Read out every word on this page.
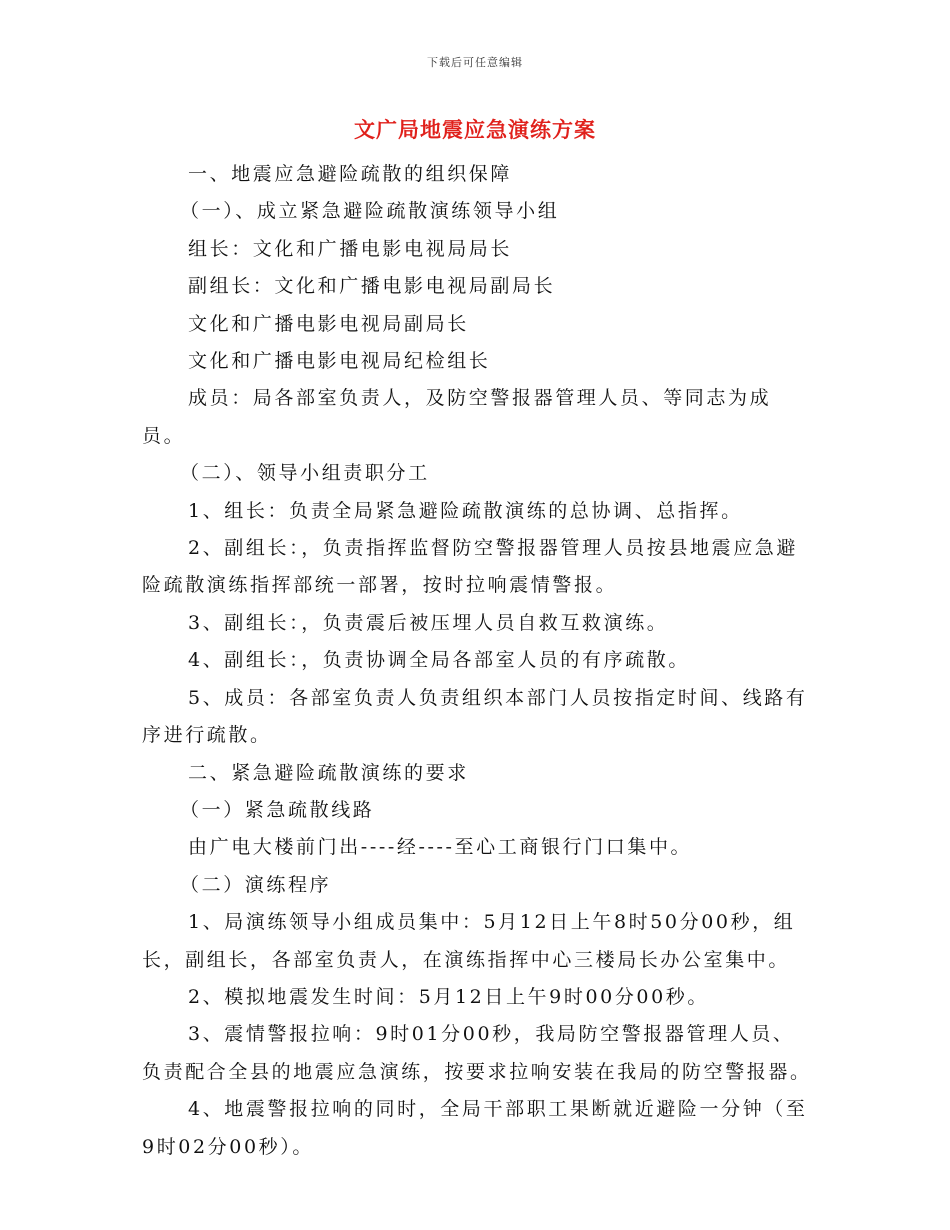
下载后可任意编辑
文广局地震应急演练方案

一、地震应急避险疏散的组织保障

（一）、成立紧急避险疏散演练领导小组

组长：文化和广播电影电视局局长

副组长：文化和广播电影电视局副局长

文化和广播电影电视局副局长

文化和广播电影电视局纪检组长

成员：局各部室负责人，及防空警报器管理人员、等同志为成员。

（二）、领导小组责职分工

1、组长：负责全局紧急避险疏散演练的总协调、总指挥。

2、副组长：，负责指挥监督防空警报器管理人员按县地震应急避险疏散演练指挥部统一部署，按时拉响震情警报。

3、副组长：，负责震后被压埋人员自救互救演练。

4、副组长：，负责协调全局各部室人员的有序疏散。

5、成员：各部室负责人负责组织本部门人员按指定时间、线路有序进行疏散。

二、紧急避险疏散演练的要求

（一）紧急疏散线路

由广电大楼前门出----经----至心工商银行门口集中。

（二）演练程序

1、局演练领导小组成员集中：5月12日上午8时50分00秒，组长，副组长，各部室负责人，在演练指挥中心三楼局长办公室集中。

2、模拟地震发生时间：5月12日上午9时00分00秒。

3、震情警报拉响：9时01分00秒，我局防空警报器管理人员、负责配合全县的地震应急演练，按要求拉响安装在我局的防空警报器。

4、地震警报拉响的同时，全局干部职工果断就近避险一分钟（至9时02分00秒）。
